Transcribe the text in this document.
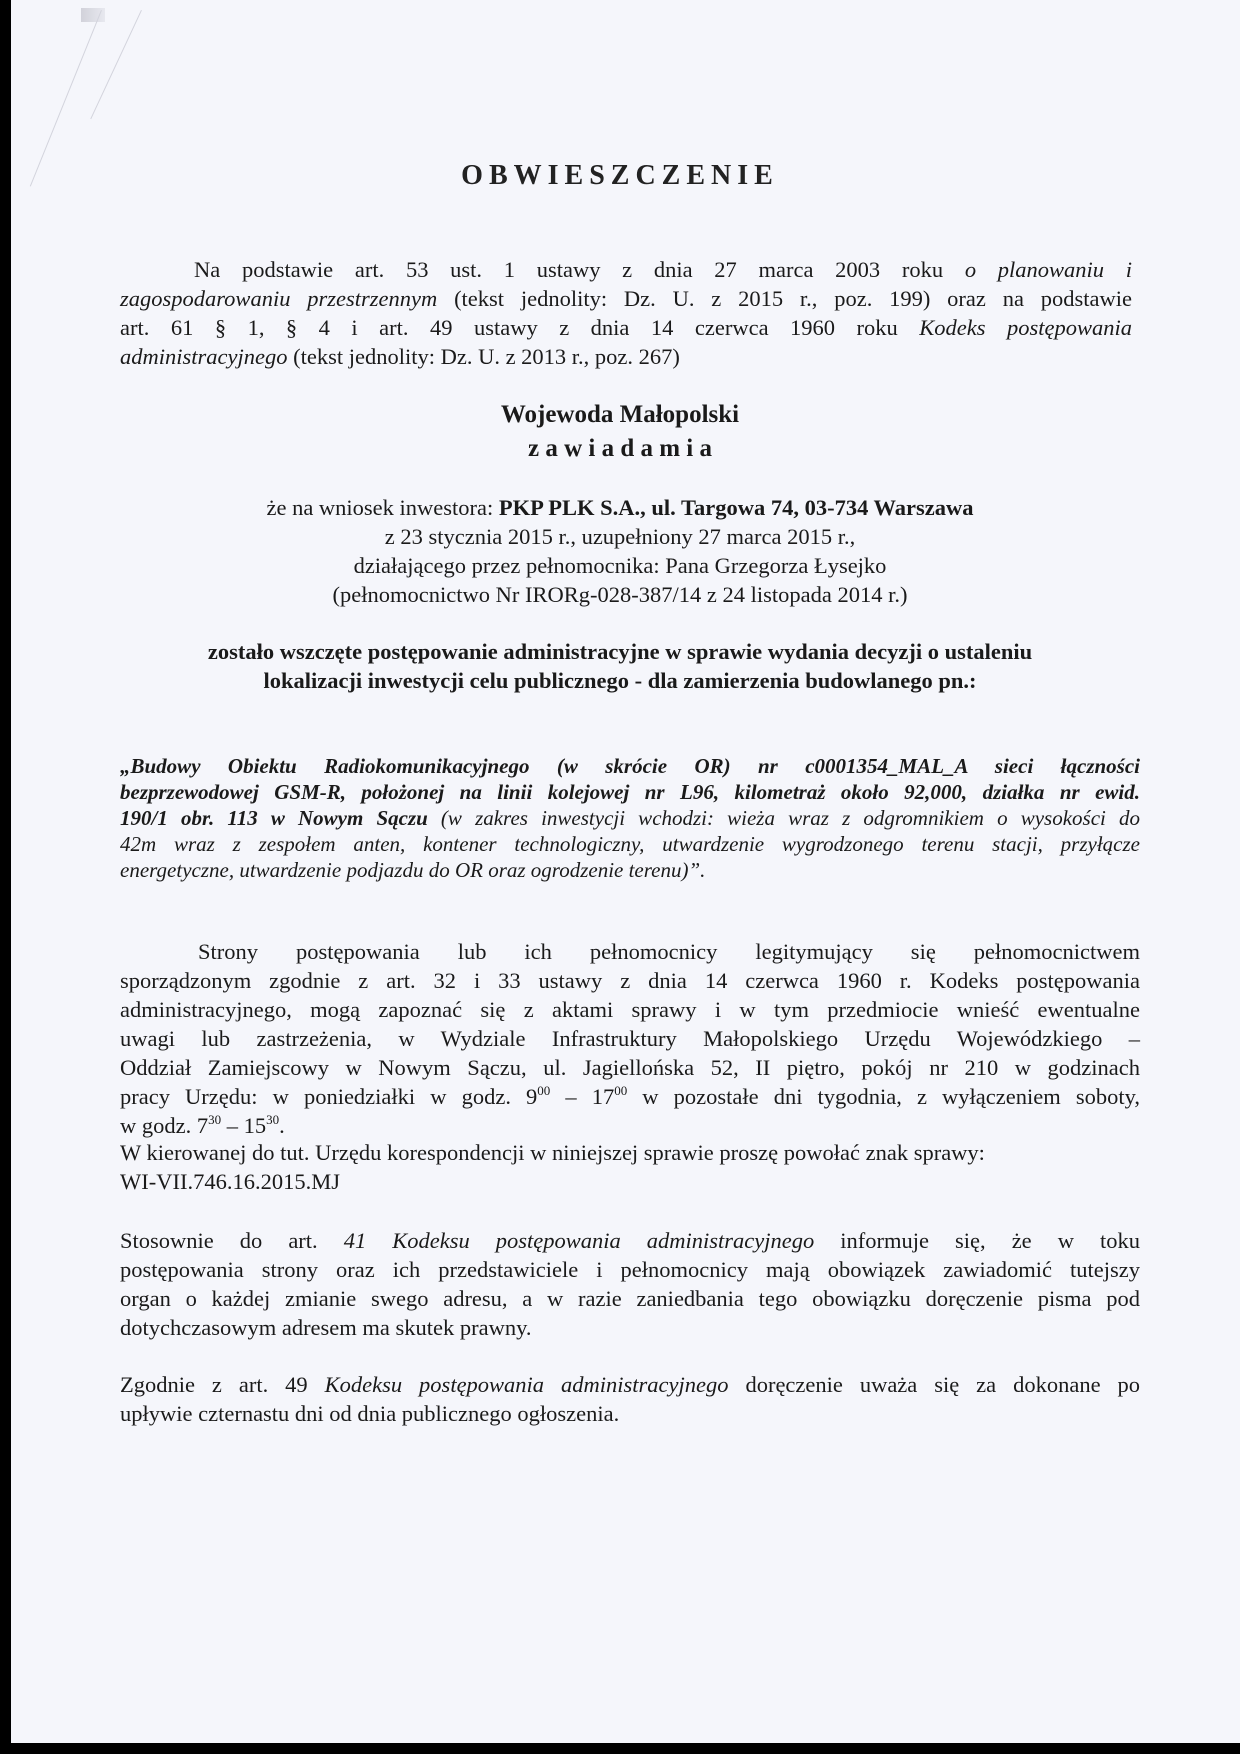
OBWIESZCZENIE
Na podstawie art. 53 ust. 1 ustawy z dnia 27 marca 2003 roku o planowaniu i
zagospodarowaniu przestrzennym (tekst jednolity: Dz. U. z 2015 r., poz. 199) oraz na podstawie
art. 61 § 1, § 4 i art. 49 ustawy z dnia 14 czerwca 1960 roku Kodeks postępowania
administracyjnego (tekst jednolity: Dz. U. z 2013 r., poz. 267)
Wojewoda Małopolski
z a w i a d a m i a
że na wniosek inwestora: PKP PLK S.A., ul. Targowa 74, 03-734 Warszawa
z 23 stycznia 2015 r., uzupełniony 27 marca 2015 r.,
działającego przez pełnomocnika: Pana Grzegorza Łysejko
(pełnomocnictwo Nr IRORg-028-387/14 z 24 listopada 2014 r.)
zostało wszczęte postępowanie administracyjne w sprawie wydania decyzji o ustaleniu
lokalizacji inwestycji celu publicznego - dla zamierzenia budowlanego pn.:
„Budowy Obiektu Radiokomunikacyjnego (w skrócie OR) nr c0001354_MAL_A sieci łączności
bezprzewodowej GSM-R, położonej na linii kolejowej nr L96, kilometraż około 92,000, działka nr ewid.
190/1 obr. 113 w Nowym Sączu (w zakres inwestycji wchodzi: wieża wraz z odgromnikiem o wysokości do
42m wraz z zespołem anten, kontener technologiczny, utwardzenie wygrodzonego terenu stacji, przyłącze
energetyczne, utwardzenie podjazdu do OR oraz ogrodzenie terenu)”.
Strony postępowania lub ich pełnomocnicy legitymujący się pełnomocnictwem
sporządzonym zgodnie z art. 32 i 33 ustawy z dnia 14 czerwca 1960 r. Kodeks postępowania
administracyjnego, mogą zapoznać się z aktami sprawy i w tym przedmiocie wnieść ewentualne
uwagi lub zastrzeżenia, w Wydziale Infrastruktury Małopolskiego Urzędu Wojewódzkiego –
Oddział Zamiejscowy w Nowym Sączu, ul. Jagiellońska 52, II piętro, pokój nr 210 w godzinach
pracy Urzędu: w poniedziałki w godz. $9^{00} - 17^{00}$ w pozostałe dni tygodnia, z wyłączeniem soboty,
w godz. $7^{30} - 15^{30}$.
W kierowanej do tut. Urzędu korespondencji w niniejszej sprawie proszę powołać znak sprawy:
WI-VII.746.16.2015.MJ
Stosownie do art. 41 Kodeksu postępowania administracyjnego informuje się, że w toku
postępowania strony oraz ich przedstawiciele i pełnomocnicy mają obowiązek zawiadomić tutejszy
organ o każdej zmianie swego adresu, a w razie zaniedbania tego obowiązku doręczenie pisma pod
dotychczasowym adresem ma skutek prawny.
Zgodnie z art. 49 Kodeksu postępowania administracyjnego doręczenie uważa się za dokonane po
upływie czternastu dni od dnia publicznego ogłoszenia.
